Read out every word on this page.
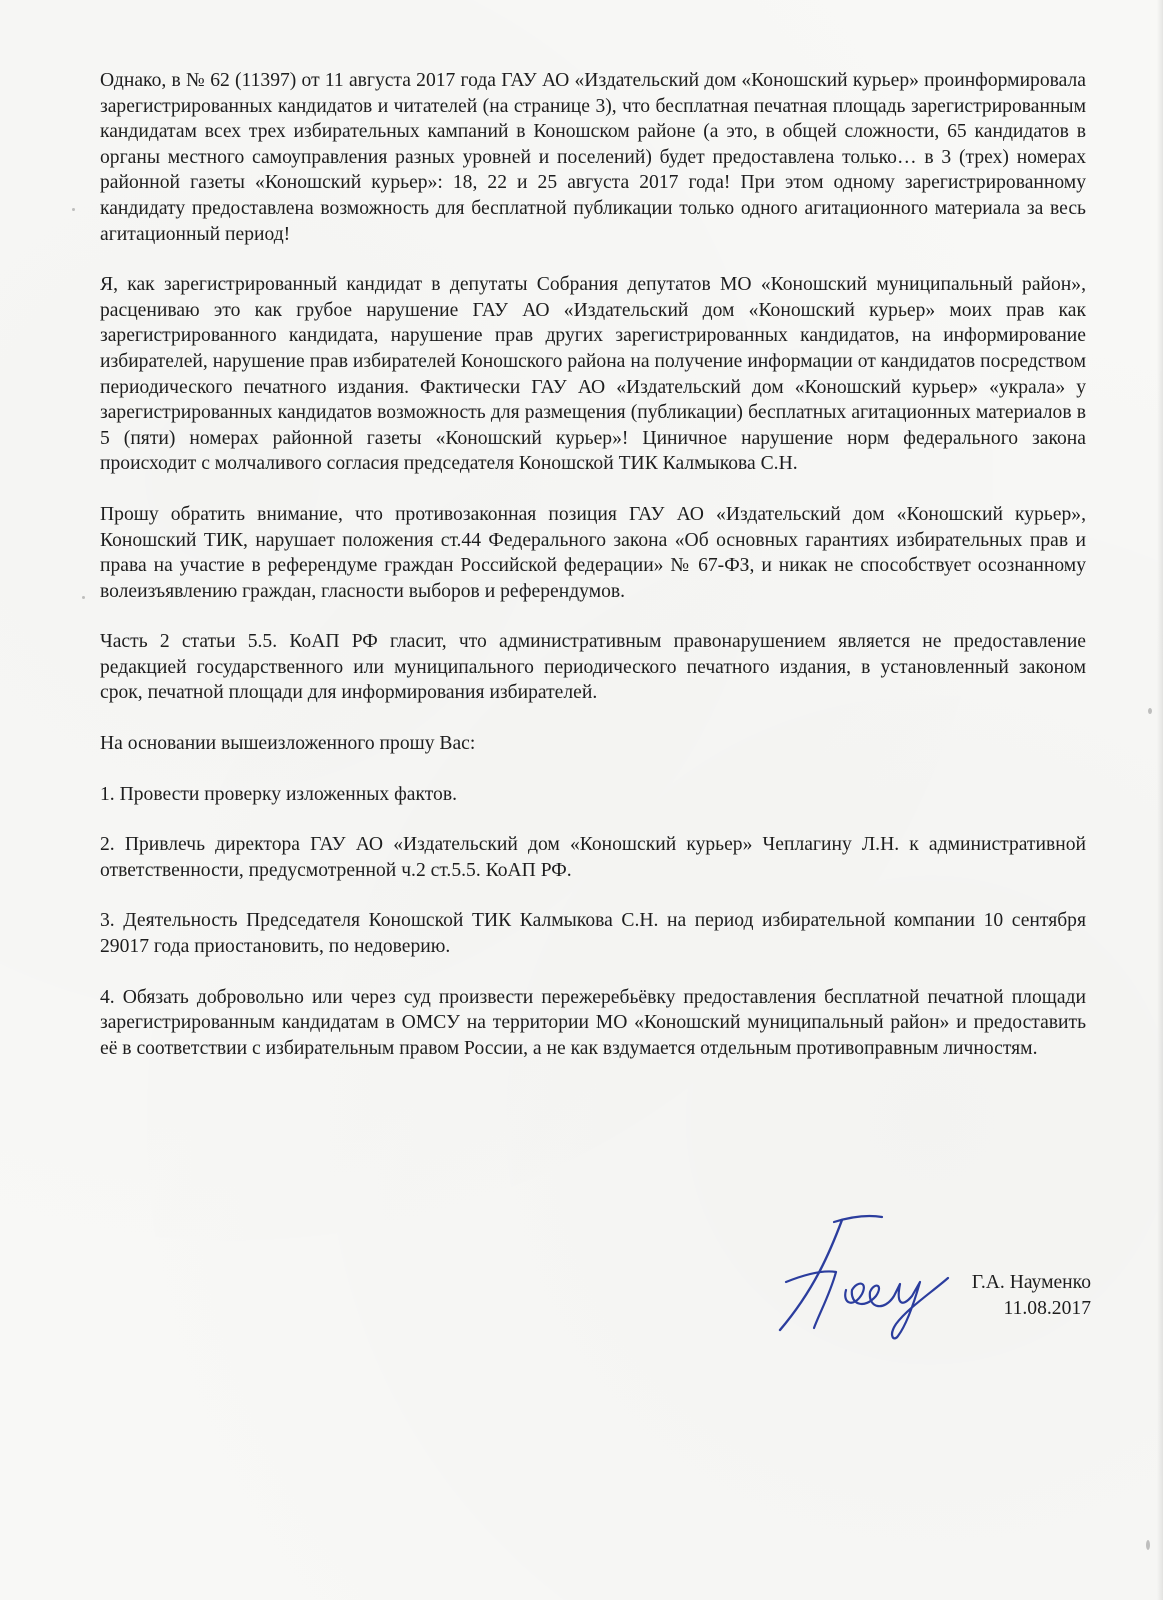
Однако, в № 62 (11397) от 11 августа 2017 года ГАУ АО «Издательский дом «Коношский курьер» проинформировала зарегистрированных кандидатов и читателей (на странице 3), что бесплатная печатная площадь зарегистрированным кандидатам всех трех избирательных кампаний в Коношском районе (а это, в общей сложности, 65 кандидатов в органы местного самоуправления разных уровней и поселений) будет предоставлена только… в 3 (трех) номерах районной газеты «Коношский курьер»: 18, 22 и 25 августа 2017 года! При этом одному зарегистрированному кандидату предоставлена возможность для бесплатной публикации только одного агитационного материала за весь агитационный период!

Я, как зарегистрированный кандидат в депутаты Собрания депутатов МО «Коношский муниципальный район», расцениваю это как грубое нарушение ГАУ АО «Издательский дом «Коношский курьер» моих прав как зарегистрированного кандидата, нарушение прав других зарегистрированных кандидатов, на информирование избирателей, нарушение прав избирателей Коношского района на получение информации от кандидатов посредством периодического печатного издания. Фактически ГАУ АО «Издательский дом «Коношский курьер» «украла» у зарегистрированных кандидатов возможность для размещения (публикации) бесплатных агитационных материалов в 5 (пяти) номерах районной газеты «Коношский курьер»! Циничное нарушение норм федерального закона происходит с молчаливого согласия председателя Коношской ТИК Калмыкова С.Н.

Прошу обратить внимание, что противозаконная позиция ГАУ АО «Издательский дом «Коношский курьер», Коношский ТИК, нарушает положения ст.44 Федерального закона «Об основных гарантиях избирательных прав и права на участие в референдуме граждан Российской федерации» № 67-ФЗ, и никак не способствует осознанному волеизъявлению граждан, гласности выборов и референдумов.

Часть 2 статьи 5.5. КоАП РФ гласит, что административным правонарушением является не предоставление редакцией государственного или муниципального периодического печатного издания, в установленный законом срок, печатной площади для информирования избирателей.

На основании вышеизложенного прошу Вас:

1. Провести проверку изложенных фактов.

2. Привлечь директора ГАУ АО «Издательский дом «Коношский курьер» Чеплагину Л.Н. к административной ответственности, предусмотренной ч.2 ст.5.5. КоАП РФ.

3. Деятельность Председателя Коношской ТИК Калмыкова С.Н. на период избирательной компании 10 сентября 29017 года приостановить, по недоверию.

4. Обязать добровольно или через суд произвести пережеребьёвку предоставления бесплатной печатной площади зарегистрированным кандидатам в ОМСУ на территории МО «Коношский муниципальный район» и предоставить её в соответствии с избирательным правом России, а не как вздумается отдельным противоправным личностям.

Г.А. Науменко
11.08.2017
